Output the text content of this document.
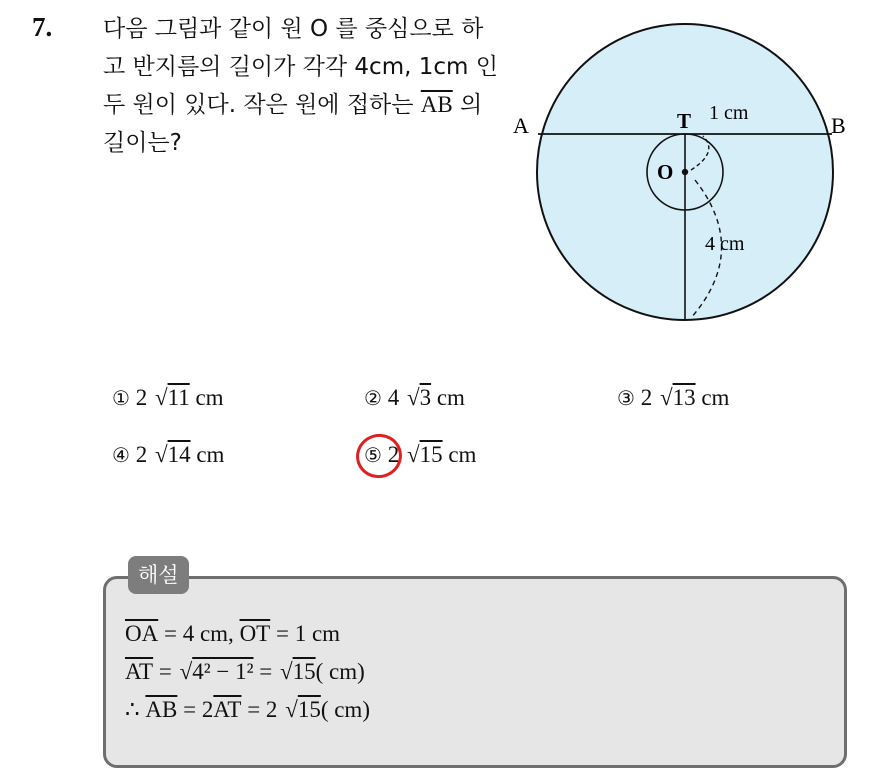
7. 다음 그림과 같이 원 O 를 중심으로 하고 반지름의 길이가 각각 4cm, 1cm 인 두 원이 있다. 작은 원에 접하는 $\overline{AB}$ 의 길이는?
A	B
T
O
1 cm
4 cm
① 2 √11 cm	② 4 √3 cm	③ 2 √13 cm
④ 2 √14 cm	⑤ 2 √15 cm
해설
$\overline{OA} = 4$ cm, $\overline{OT} = 1$ cm
$\overline{AT} = √4^2 - 1^2 = √15$( cm)
∴ $\overline{AB} = 2\overline{AT} = 2$ √15( cm)
